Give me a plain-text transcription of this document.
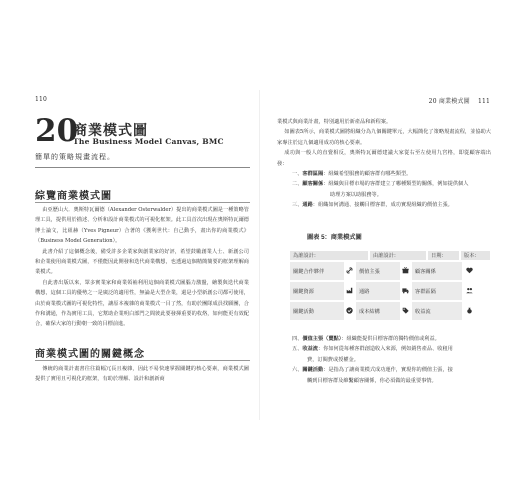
110
20
商業模式圖
The Business Model Canvas, BMC
簡單的策略規畫流程。
綜覽商業模式圖

由亞歷山大．奧斯特瓦爾德（Alexander Osterwalder）提出的商業模式圖是一種策略管理工具，提供用於描述、分析和設計商業模式的可視化框架。此工具首次出現在奧斯特瓦爾德博士論文，比紐赫（Yves Pigneur）合著的《獲利世代：自己動手，畫出你的商業模式》（Business Model Generation）。

此書介紹了這個概念後，備受許多企業家與創業家的好評，希望鼓勵創業人士、新創公司和企業使用商業模式圖，不僅能因此開發和迭代商業構想，也透過這個精簡簡要的框架理解商業模式。

自此書出版以來，眾多實業家和商業領袖利用這個商業模式圖腦力激盪，繪製與迭代商業構想，這個工具的優勢之一是廣泛的適用性，無論是大型企業，還是小型新創公司都可使用，由於商業模式圖的可視化特性，讓原本複雜的商業模式一目了然，有助於團隊成員找願團，合作和溝通，作為實用工具，它幫助企業明白部門之間彼此要發揮重要的枚烙，如何能更有效配合，確保大家的行動朝一致的目標前進。

商業模式圖的關鍵概念

傳統的商業計畫書往往篇幅冗長且複雜，因此不易快速掌握關鍵的核心要素，商業模式圖提供了實用且可視化的框架，有助於理解、設計和創新商

20 商業模式圖 111

業模式與商業計畫，特別適用於新產品和新程案。

如圖表5所示，商業模式圖將組織分為九個關鍵單元，大幅簡化了策略規畫流程，並協助大家專注於這九個適用成功的核心要素。

成功與一般人的直覺相反，奧斯特瓦爾德建議大家從右至左使用九宮格，即從顧客端出發：

一、客群區隔：組織希望服務的顧客群有哪些類型。
二、顧客關係：組織與目標市場的客群建立了哪種類型的關係，例如提供個人
助理方案以助服務等。
三、通路：組織如何溝通、接觸目標客群，成功實現組織的價值主張。
圖表 5：商業模式圖
為誰設計：	由誰設計：	日期：	版本：
關鍵合作夥伴	價值主張	顧客關係
關鍵資源	通路	客群區隔
關鍵活動	成本結構	收益流
四、價值主張（賣點）：組織能提供目標客群的獨特價值或利益。
五、收益流：你如何從每種客群創造收入來源，例如銷售產品、收租用
費，訂閱費或授權金。
六、關鍵活動：是指為了讓商業模式成功運作，實現你的價值主張，接
觸到目標客群及維繫顧客關係，你必須做的最重要事情。
